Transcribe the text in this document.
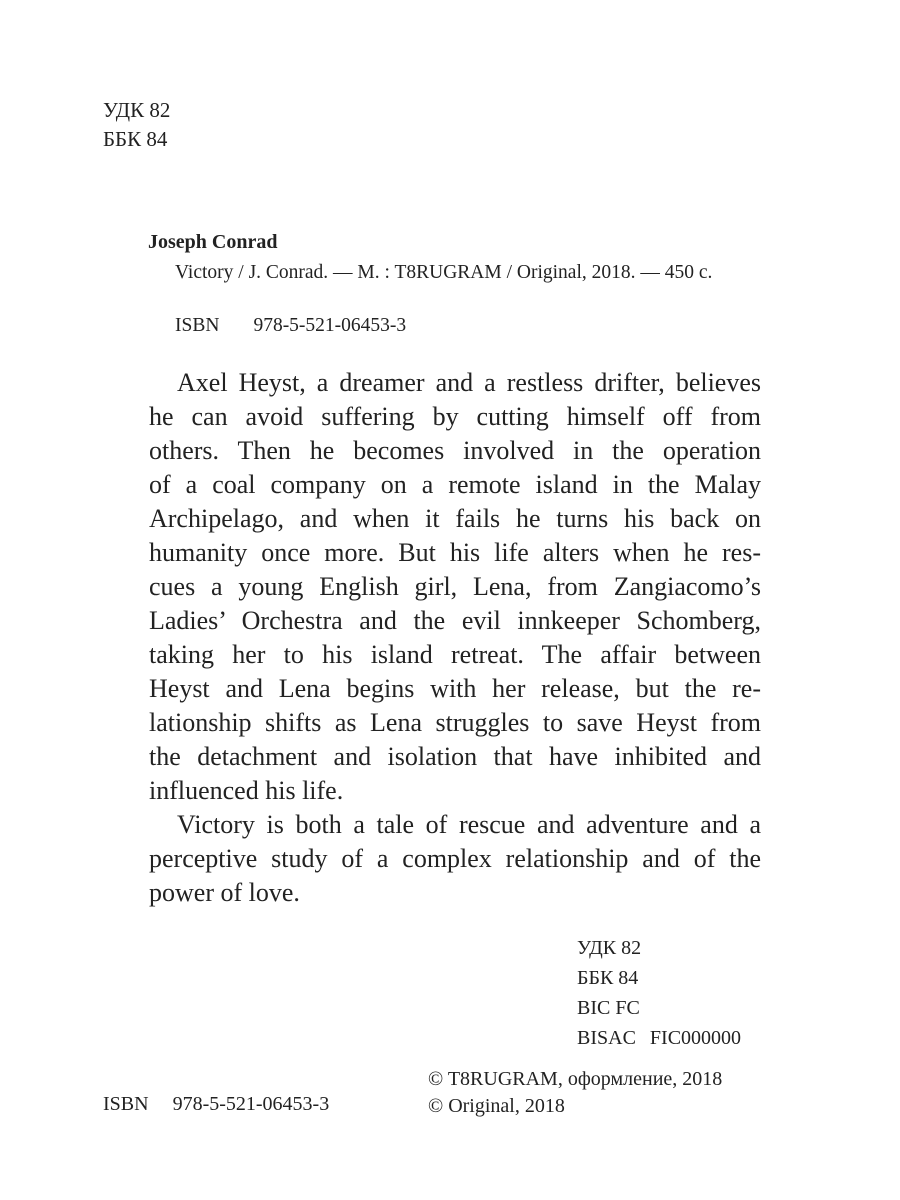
УДК 82
ББК 84
Joseph Conrad
Victory / J. Conrad. — M. : T8RUGRAM / Original, 2018. — 450 с.
ISBN 978-5-521-06453-3
Axel Heyst, a dreamer and a restless drifter, believes
he can avoid suffering by cutting himself off from
others. Then he becomes involved in the operation
of a coal company on a remote island in the Malay
Archipelago, and when it fails he turns his back on
humanity once more. But his life alters when he res-
cues a young English girl, Lena, from Zangiacomo’s
Ladies’ Orchestra and the evil innkeeper Schomberg,
taking her to his island retreat. The affair between
Heyst and Lena begins with her release, but the re-
lationship shifts as Lena struggles to save Heyst from
the detachment and isolation that have inhibited and
influenced his life.
Victory is both a tale of rescue and adventure and a
perceptive study of a complex relationship and of the
power of love.
УДК 82
ББК 84
BIC FC
BISAC FIC000000
ISBN 978-5-521-06453-3
© T8RUGRAM, оформление, 2018
© Original, 2018
